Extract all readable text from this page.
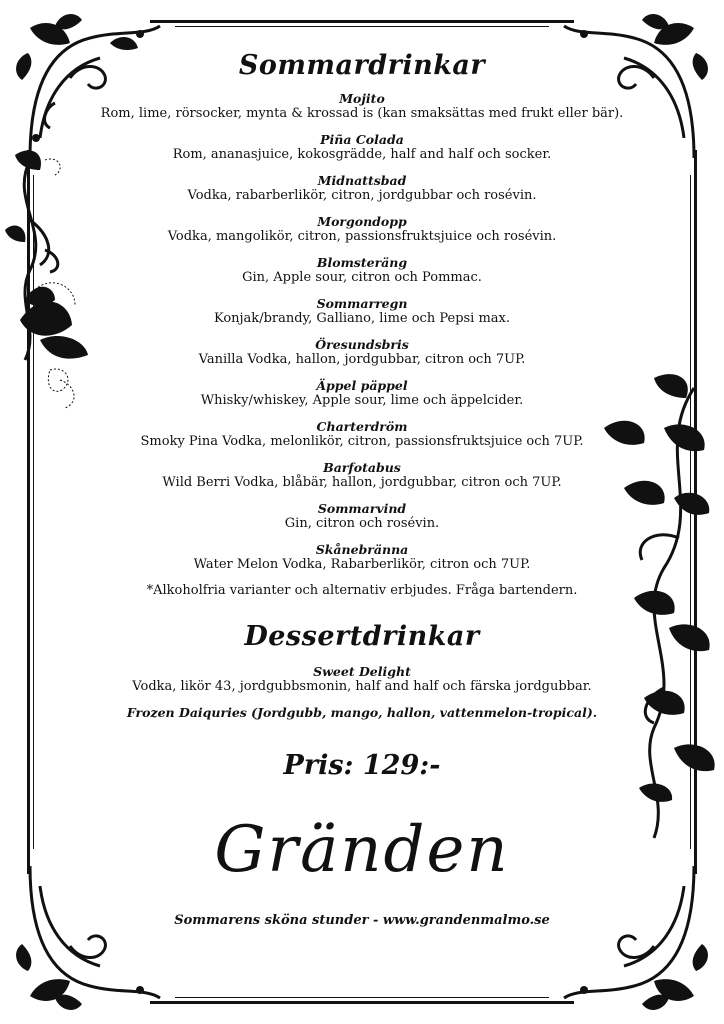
Sommardrinkar
Mojito
Rom, lime, rörsocker, mynta & krossad is (kan smaksättas med frukt eller bär).
Piña Colada
Rom, ananasjuice, kokosgrädde, half and half och socker.
Midnattsbad
Vodka, rabarberlikör, citron, jordgubbar och rosévin.
Morgondopp
Vodka, mangolikör, citron, passionsfruktsjuice och rosévin.
Blomsteräng
Gin, Apple sour, citron och Pommac.
Sommarregn
Konjak/brandy, Galliano, lime och Pepsi max.
Öresundsbris
Vanilla Vodka, hallon, jordgubbar, citron och 7UP.
Äppel päppel
Whisky/whiskey, Apple sour, lime och äppelcider.
Charterdröm
Smoky Pina Vodka, melonlikör, citron, passionsfruktsjuice och 7UP.
Barfotabus
Wild Berri Vodka, blåbär, hallon, jordgubbar, citron och 7UP.
Sommarvind
Gin, citron och rosévin.
Skånebränna
Water Melon Vodka, Rabarberlikör, citron och 7UP.
*Alkoholfria varianter och alternativ erbjudes. Fråga bartendern.
Dessertdrinkar
Sweet Delight
Vodka, likör 43, jordgubbsmonin, half and half och färska jordgubbar.
Frozen Daiquries (Jordgubb, mango, hallon, vattenmelon-tropical).
Pris: 129:-
Gränden
Sommarens sköna stunder - www.grandenmalmo.se
